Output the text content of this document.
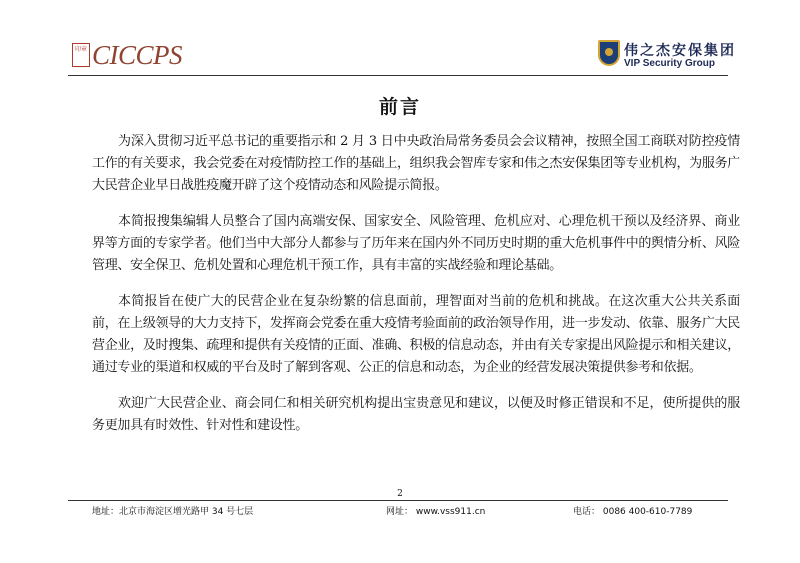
印章 CICCPS	伟之杰安保集团
VIP Security Group
前言

为深入贯彻习近平总书记的重要指示和 2 月 3 日中央政治局常务委员会会议精神，按照全国工商联对防控疫情工作的有关要求，我会党委在对疫情防控工作的基础上，组织我会智库专家和伟之杰安保集团等专业机构，为服务广大民营企业早日战胜疫魔开辟了这个疫情动态和风险提示简报。

本简报搜集编辑人员整合了国内高端安保、国家安全、风险管理、危机应对、心理危机干预以及经济界、商业界等方面的专家学者。他们当中大部分人都参与了历年来在国内外不同历史时期的重大危机事件中的舆情分析、风险管理、安全保卫、危机处置和心理危机干预工作，具有丰富的实战经验和理论基础。

本简报旨在使广大的民营企业在复杂纷繁的信息面前，理智面对当前的危机和挑战。在这次重大公共关系面前，在上级领导的大力支持下，发挥商会党委在重大疫情考验面前的政治领导作用，进一步发动、依靠、服务广大民营企业，及时搜集、疏理和提供有关疫情的正面、准确、积极的信息动态，并由有关专家提出风险提示和相关建议，通过专业的渠道和权威的平台及时了解到客观、公正的信息和动态，为企业的经营发展决策提供参考和依据。

欢迎广大民营企业、商会同仁和相关研究机构提出宝贵意见和建议，以便及时修正错误和不足，使所提供的服务更加具有时效性、针对性和建设性。

2
地址：北京市海淀区增光路甲 34 号七层	网址： www.vss911.cn	电话： 0086 400-610-7789
